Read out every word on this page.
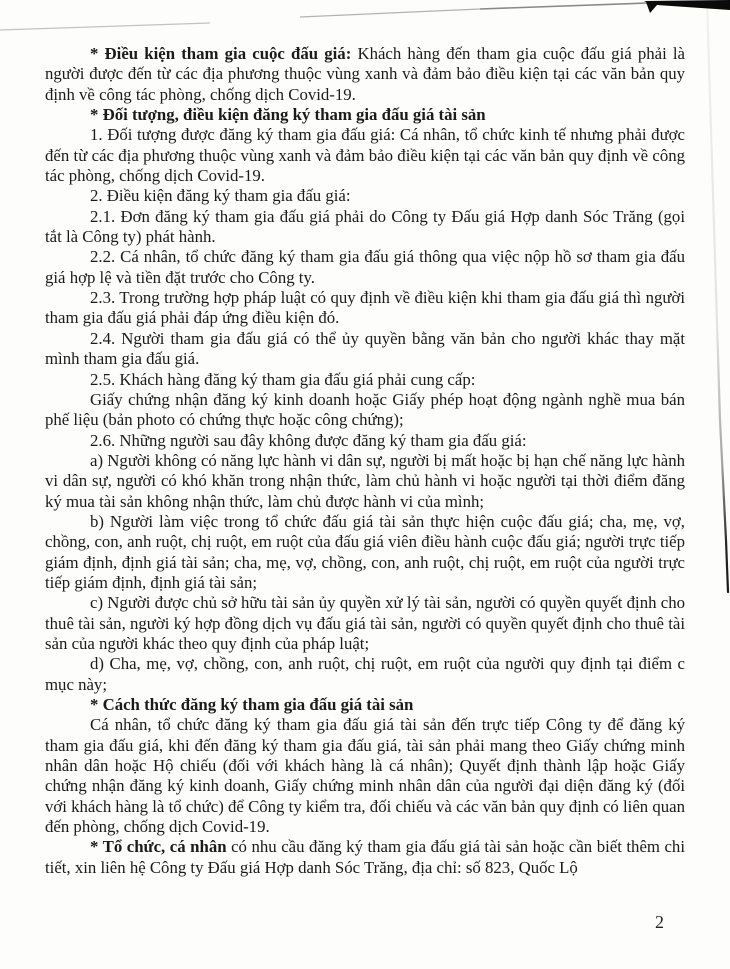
* Điều kiện tham gia cuộc đấu giá: Khách hàng đến tham gia cuộc đấu giá phải là người được đến từ các địa phương thuộc vùng xanh và đảm bảo điều kiện tại các văn bản quy định về công tác phòng, chống dịch Covid-19.

* Đối tượng, điều kiện đăng ký tham gia đấu giá tài sản

1. Đối tượng được đăng ký tham gia đấu giá: Cá nhân, tổ chức kinh tế nhưng phải được đến từ các địa phương thuộc vùng xanh và đảm bảo điều kiện tại các văn bản quy định về công tác phòng, chống dịch Covid-19.

2. Điều kiện đăng ký tham gia đấu giá:

2.1. Đơn đăng ký tham gia đấu giá phải do Công ty Đấu giá Hợp danh Sóc Trăng (gọi tắt là Công ty) phát hành.

2.2. Cá nhân, tổ chức đăng ký tham gia đấu giá thông qua việc nộp hồ sơ tham gia đấu giá hợp lệ và tiền đặt trước cho Công ty.

2.3. Trong trường hợp pháp luật có quy định về điều kiện khi tham gia đấu giá thì người tham gia đấu giá phải đáp ứng điều kiện đó.

2.4. Người tham gia đấu giá có thể ủy quyền bằng văn bản cho người khác thay mặt mình tham gia đấu giá.

2.5. Khách hàng đăng ký tham gia đấu giá phải cung cấp:

Giấy chứng nhận đăng ký kinh doanh hoặc Giấy phép hoạt động ngành nghề mua bán phế liệu (bản photo có chứng thực hoặc công chứng);

2.6. Những người sau đây không được đăng ký tham gia đấu giá:

a) Người không có năng lực hành vi dân sự, người bị mất hoặc bị hạn chế năng lực hành vi dân sự, người có khó khăn trong nhận thức, làm chủ hành vi hoặc người tại thời điểm đăng ký mua tài sản không nhận thức, làm chủ được hành vi của mình;

b) Người làm việc trong tổ chức đấu giá tài sản thực hiện cuộc đấu giá; cha, mẹ, vợ, chồng, con, anh ruột, chị ruột, em ruột của đấu giá viên điều hành cuộc đấu giá; người trực tiếp giám định, định giá tài sản; cha, mẹ, vợ, chồng, con, anh ruột, chị ruột, em ruột của người trực tiếp giám định, định giá tài sản;

c) Người được chủ sở hữu tài sản ủy quyền xử lý tài sản, người có quyền quyết định cho thuê tài sản, người ký hợp đồng dịch vụ đấu giá tài sản, người có quyền quyết định cho thuê tài sản của người khác theo quy định của pháp luật;

d) Cha, mẹ, vợ, chồng, con, anh ruột, chị ruột, em ruột của người quy định tại điểm c mục này;

* Cách thức đăng ký tham gia đấu giá tài sản

Cá nhân, tổ chức đăng ký tham gia đấu giá tài sản đến trực tiếp Công ty để đăng ký tham gia đấu giá, khi đến đăng ký tham gia đấu giá, tài sản phải mang theo Giấy chứng minh nhân dân hoặc Hộ chiếu (đối với khách hàng là cá nhân); Quyết định thành lập hoặc Giấy chứng nhận đăng ký kinh doanh, Giấy chứng minh nhân dân của người đại diện đăng ký (đối với khách hàng là tổ chức) để Công ty kiểm tra, đối chiếu và các văn bản quy định có liên quan đến phòng, chống dịch Covid-19.

* Tổ chức, cá nhân có nhu cầu đăng ký tham gia đấu giá tài sản hoặc cần biết thêm chi tiết, xin liên hệ Công ty Đấu giá Hợp danh Sóc Trăng, địa chỉ: số 823, Quốc Lộ

2
